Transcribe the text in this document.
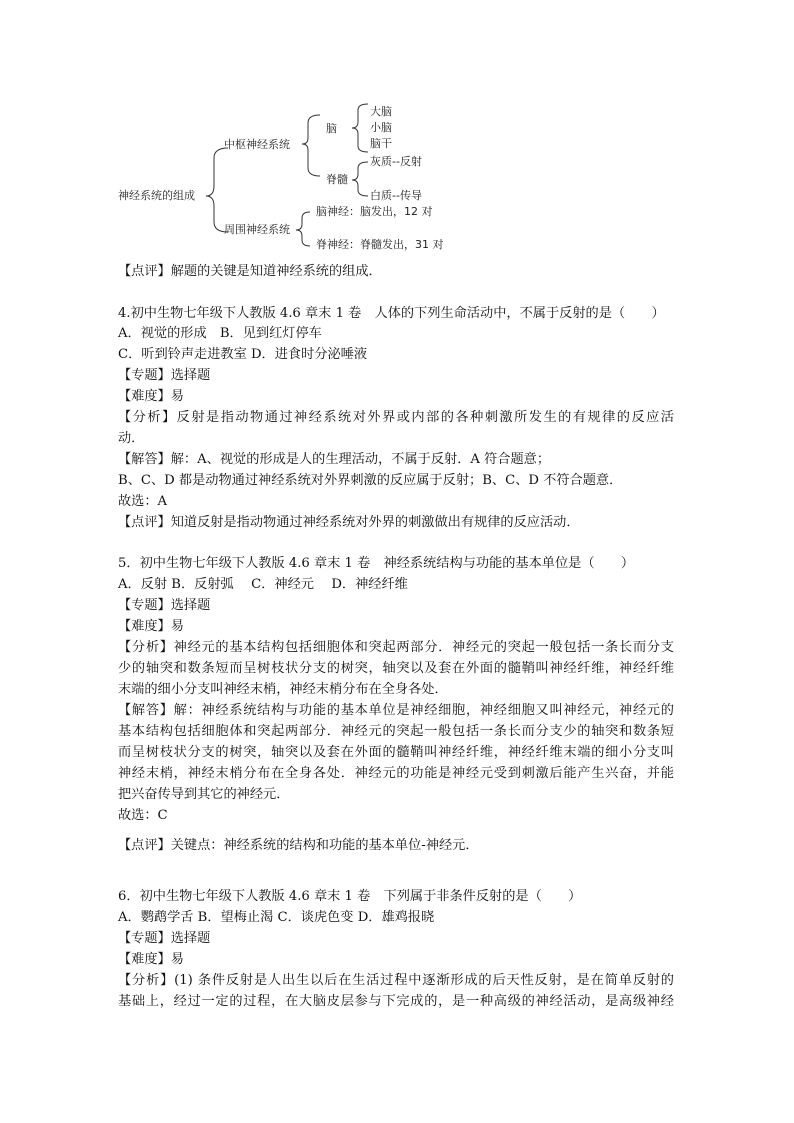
神经系统的组成
中枢神经系统
周围神经系统
脑
大脑
小脑
脑干
脊髓
灰质--反射
白质--传导
脑神经：脑发出，12 对
脊神经：脊髓发出，31 对
【点评】解题的关键是知道神经系统的组成．
4.初中生物七年级下人教版 4.6 章末 1 卷　人体的下列生命活动中，不属于反射的是（　　）
A．视觉的形成　B．见到红灯停车
C．听到铃声走进教室 D．进食时分泌唾液
【专题】选择题
【难度】易
【分析】反射是指动物通过神经系统对外界或内部的各种刺激所发生的有规律的反应活
动．
【解答】解：A、视觉的形成是人的生理活动，不属于反射．A 符合题意；
B、C、D 都是动物通过神经系统对外界刺激的反应属于反射；B、C、D 不符合题意．
故选：A
【点评】知道反射是指动物通过神经系统对外界的刺激做出有规律的反应活动．
5．初中生物七年级下人教版 4.6 章末 1 卷　神经系统结构与功能的基本单位是（　　）
A．反射 B．反射弧　 C．神经元　 D．神经纤维
【专题】选择题
【难度】易
【分析】神经元的基本结构包括细胞体和突起两部分．神经元的突起一般包括一条长而分支
少的轴突和数条短而呈树枝状分支的树突，轴突以及套在外面的髓鞘叫神经纤维，神经纤维
末端的细小分支叫神经末梢，神经末梢分布在全身各处．
【解答】解：神经系统结构与功能的基本单位是神经细胞，神经细胞又叫神经元，神经元的
基本结构包括细胞体和突起两部分．神经元的突起一般包括一条长而分支少的轴突和数条短
而呈树枝状分支的树突，轴突以及套在外面的髓鞘叫神经纤维，神经纤维末端的细小分支叫
神经末梢，神经末梢分布在全身各处．神经元的功能是神经元受到刺激后能产生兴奋，并能
把兴奋传导到其它的神经元．
故选：C
【点评】关键点：神经系统的结构和功能的基本单位-神经元．
6．初中生物七年级下人教版 4.6 章末 1 卷　下列属于非条件反射的是（　　）
A．鹦鹉学舌 B．望梅止渴 C．谈虎色变 D．雄鸡报晓
【专题】选择题
【难度】易
【分析】(1) 条件反射是人出生以后在生活过程中逐渐形成的后天性反射，是在简单反射的
基础上，经过一定的过程，在大脑皮层参与下完成的，是一种高级的神经活动，是高级神经
